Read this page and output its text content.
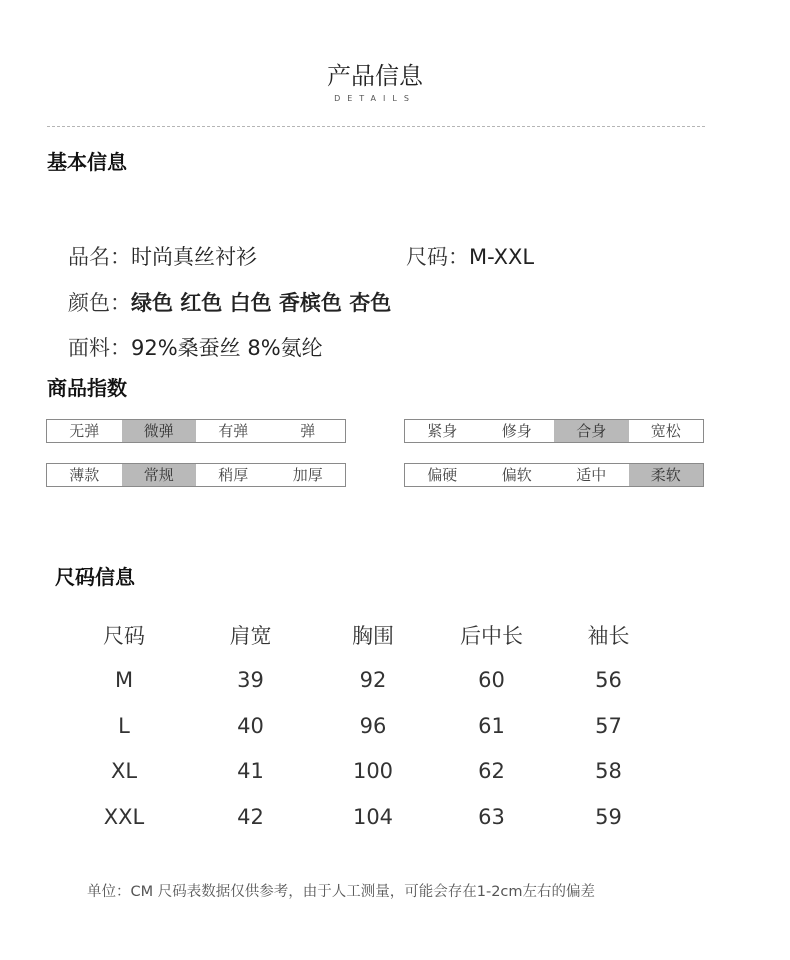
产品信息
DETAILS
基本信息
品名：时尚真丝衬衫	尺码：M-XXL
颜色：绿色 红色 白色 香槟色 杏色
面料：92%桑蚕丝 8%氨纶
商品指数
无弹	微弹	有弹	弹	紧身	修身	合身	宽松
薄款	常规	稍厚	加厚	偏硬	偏软	适中	柔软
尺码信息
尺码	肩宽	胸围	后中长	袖长
M	39	92	60	56
L	40	96	61	57
XL	41	100	62	58
XXL	42	104	63	59
单位：CM 尺码表数据仅供参考，由于人工测量，可能会存在1-2cm左右的偏差
